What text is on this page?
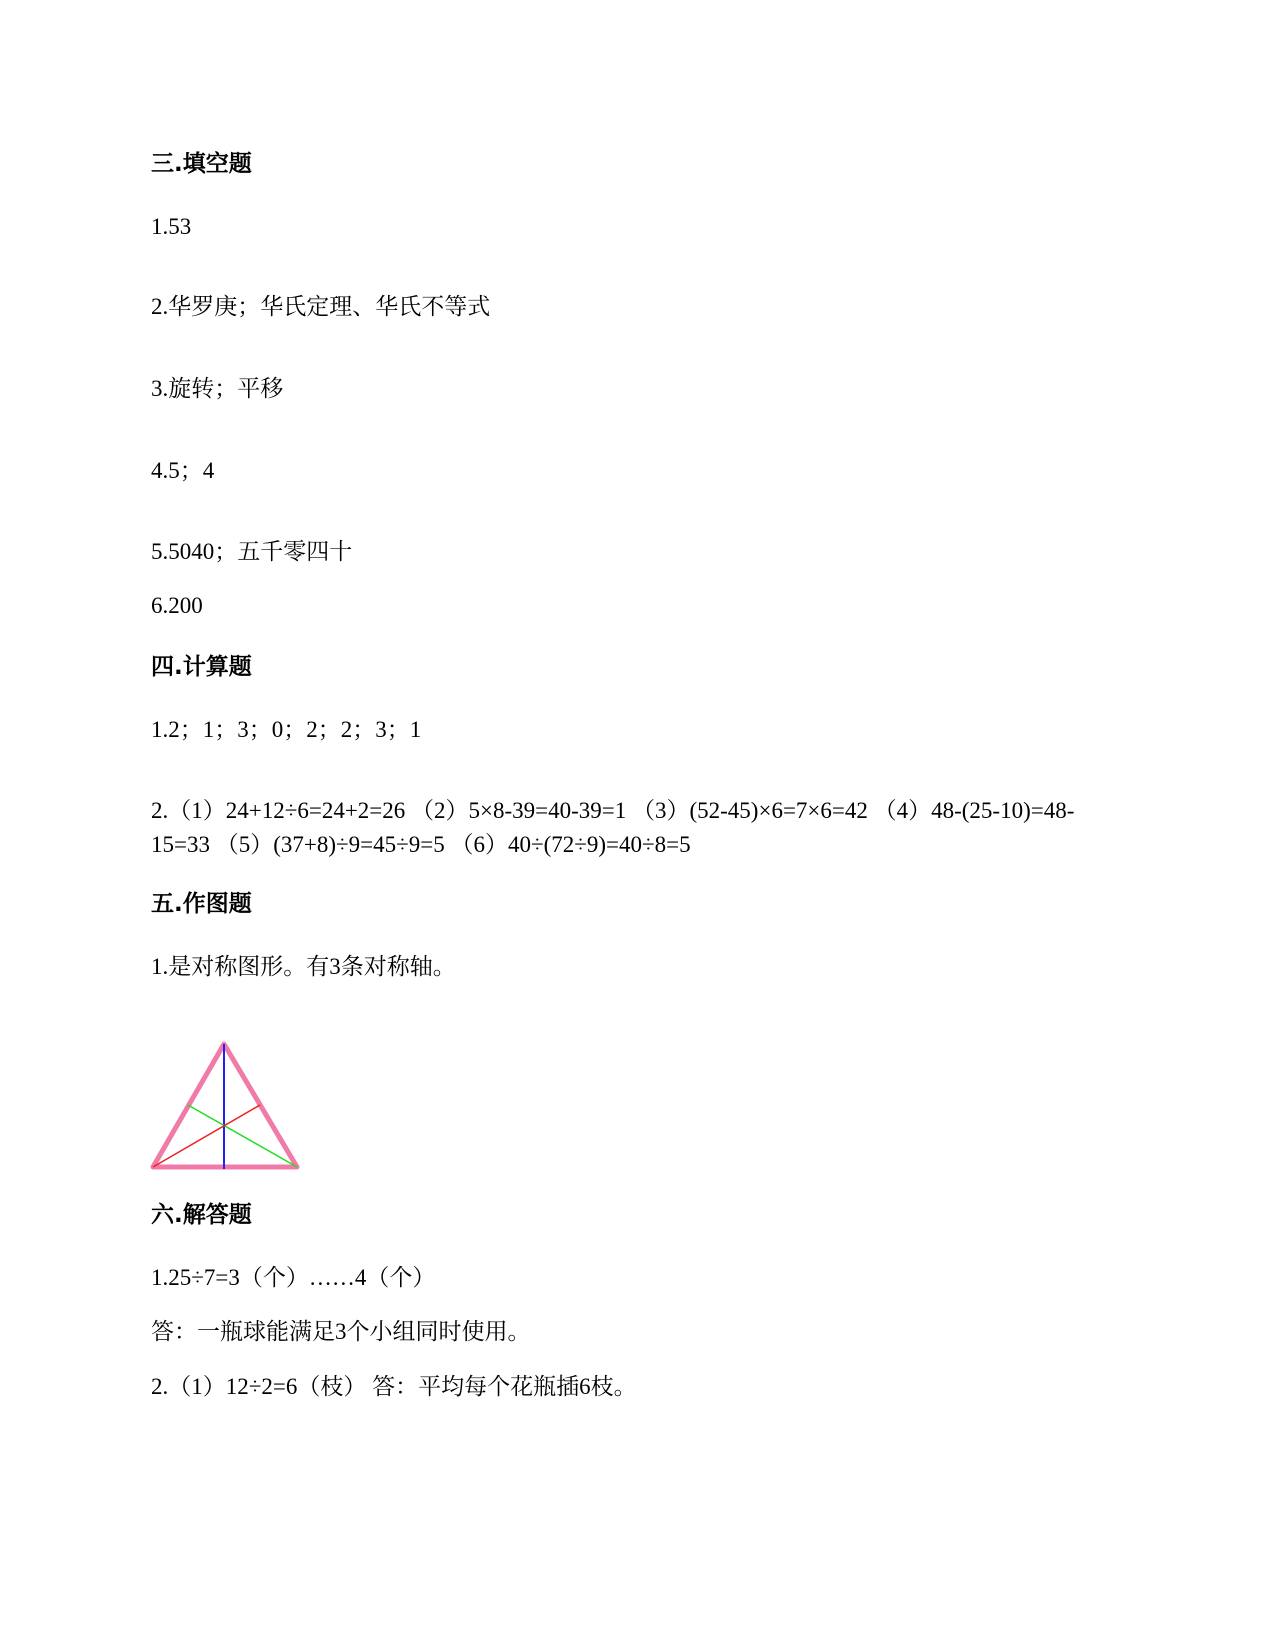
三.填空题
1.53
2.华罗庚；华氏定理、华氏不等式
3.旋转；平移
4.5；4
5.5040；五千零四十
6.200
四.计算题
1.2；1；3；0；2；2；3；1
2.（1）24+12÷6=24+2=26 （2）5×8-39=40-39=1 （3）(52-45)×6=7×6=42 （4）48-(25-10)=48-15=33 （5）(37+8)÷9=45÷9=5 （6）40÷(72÷9)=40÷8=5
五.作图题
1.是对称图形。有3条对称轴。
六.解答题
1.25÷7=3（个）……4（个）
答：一瓶球能满足3个小组同时使用。
2.（1）12÷2=6（枝） 答：平均每个花瓶插6枝。
